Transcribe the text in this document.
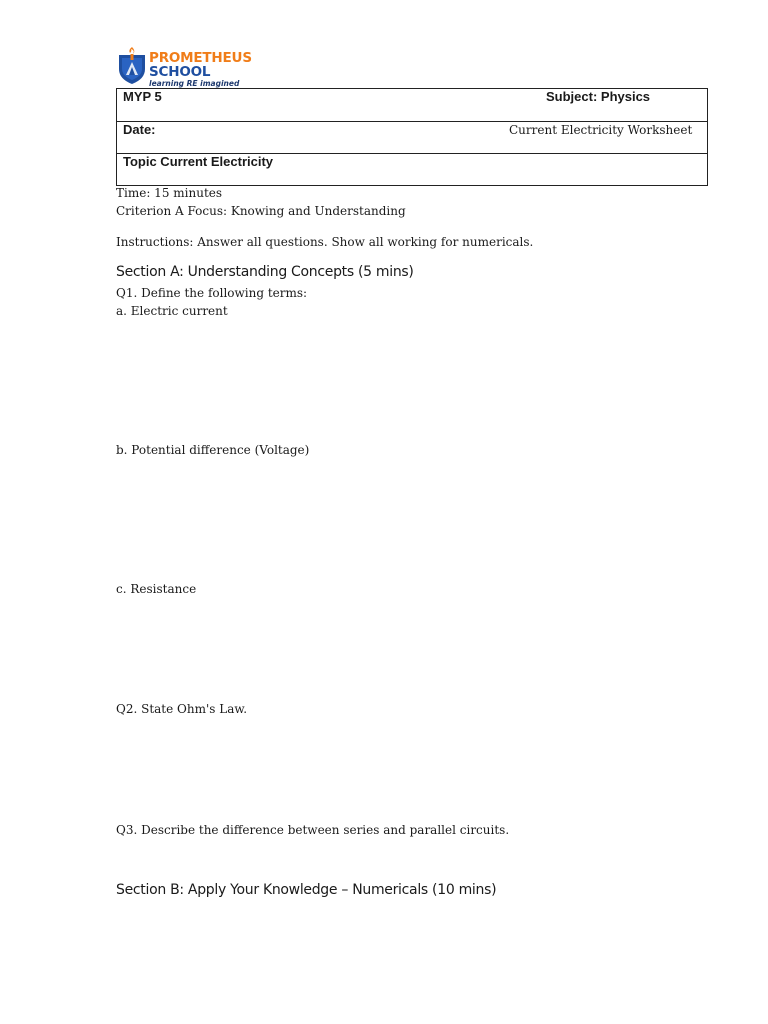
PROMETHEUS
SCHOOL
learning RE imagined
MYP 5	Subject: Physics
Date:	Current Electricity Worksheet
Topic Current Electricity
Time: 15 minutes
Criterion A Focus: Knowing and Understanding
Instructions: Answer all questions. Show all working for numericals.
Section A: Understanding Concepts (5 mins)
Q1. Define the following terms:
a. Electric current
b. Potential difference (Voltage)
c. Resistance
Q2. State Ohm's Law.
Q3. Describe the difference between series and parallel circuits.
Section B: Apply Your Knowledge – Numericals (10 mins)
